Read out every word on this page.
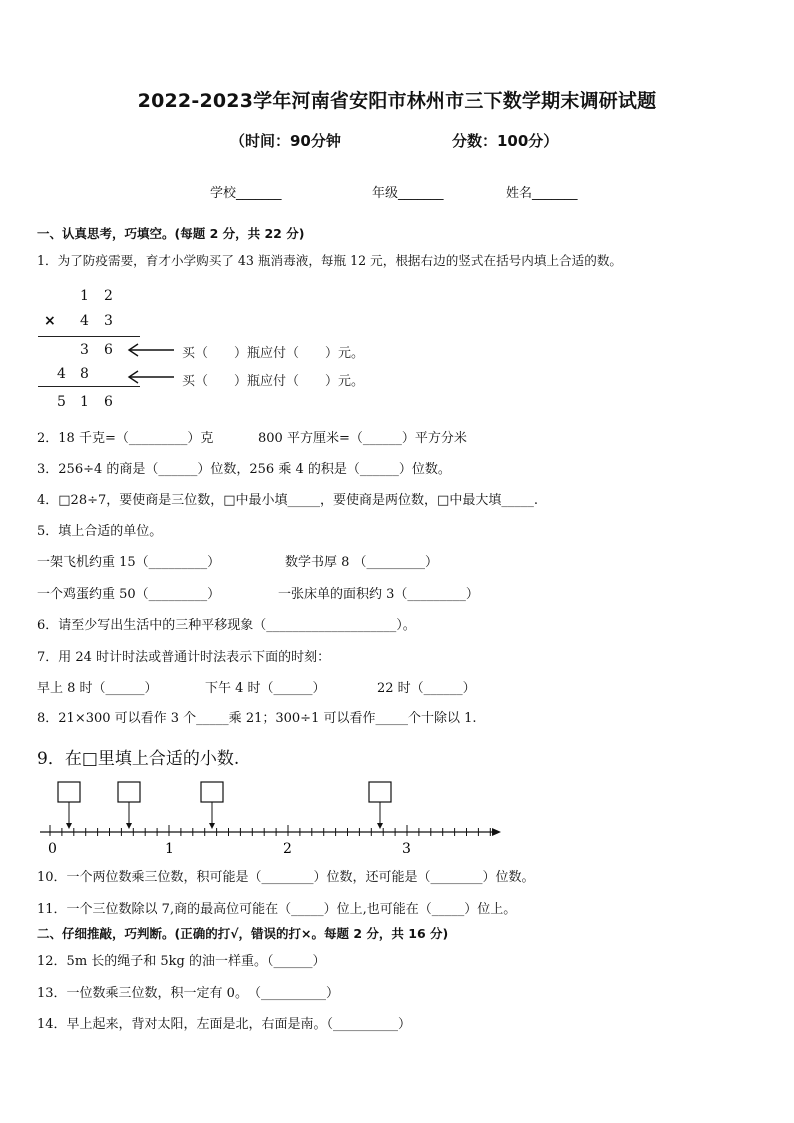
2022-2023学年河南省安阳市林州市三下数学期末调研试题
（时间：90分钟	分数：100分）
学校_______	年级_______	姓名_______
一、认真思考，巧填空。(每题 2 分，共 22 分)
1．为了防疫需要，育才小学购买了 43 瓶消毒液，每瓶 12 元，根据右边的竖式在括号内填上合适的数。
1 2
× 4 3
3 6
4 8
5 1 6
买（　　）瓶应付（　　）元。
买（　　）瓶应付（　　）元。
2．18 千克=（_________）克	800 平方厘米=（______）平方分米
3．256÷4 的商是（______）位数，256 乘 4 的积是（______）位数。
4．□28÷7，要使商是三位数，□中最小填_____，要使商是两位数，□中最大填_____.
5．填上合适的单位。
一架飞机约重 15（_________）	数学书厚 8 （_________）
一个鸡蛋约重 50（_________）	一张床单的面积约 3（_________）
6．请至少写出生活中的三种平移现象（____________________）。
7．用 24 时计时法或普通计时法表示下面的时刻：
早上 8 时（______）	下午 4 时（______）	22 时（______）
8．21×300 可以看作 3 个_____乘 21；300÷1 可以看作_____个十除以 1.
9．在□里填上合适的小数.
0	1	2	3
10．一个两位数乘三位数，积可能是（________）位数，还可能是（________）位数。
11．一个三位数除以 7,商的最高位可能在（_____）位上,也可能在（_____）位上。
二、仔细推敲，巧判断。(正确的打√，错误的打×。每题 2 分，共 16 分)
12．5m 长的绳子和 5kg 的油一样重。（______）
13．一位数乘三位数，积一定有 0。　（__________）
14．早上起来，背对太阳，左面是北，右面是南。（__________）
